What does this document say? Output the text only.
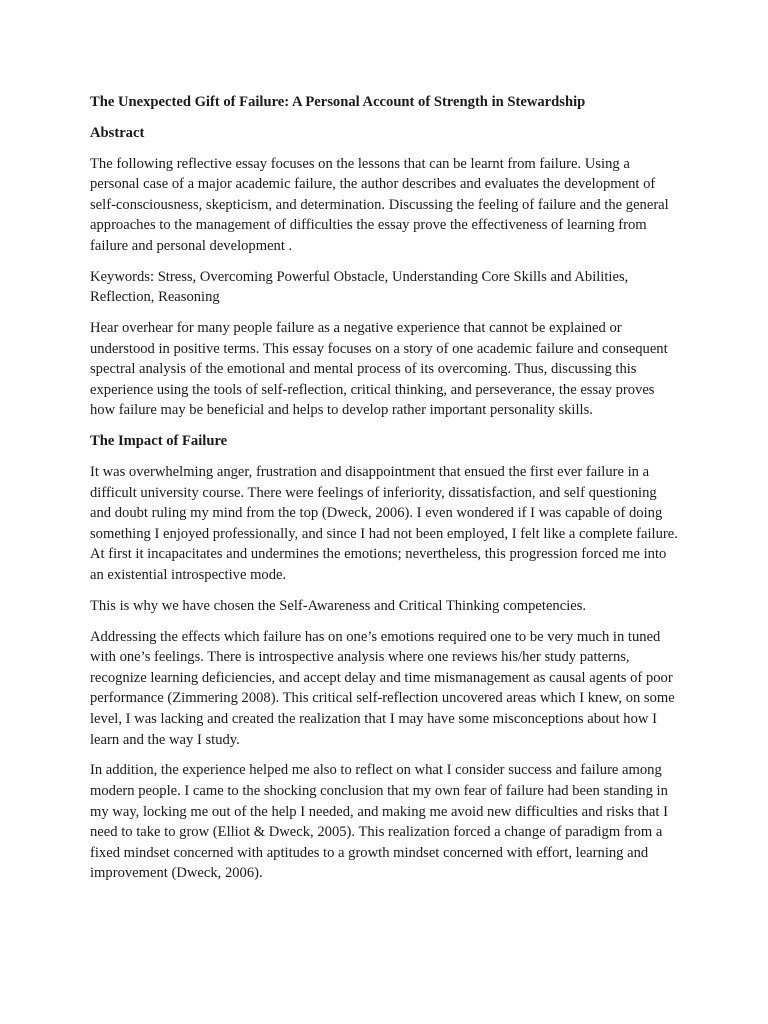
The Unexpected Gift of Failure: A Personal Account of Strength in Stewardship
Abstract
The following reflective essay focuses on the lessons that can be learnt from failure. Using a personal case of a major academic failure, the author describes and evaluates the development of self-consciousness, skepticism, and determination. Discussing the feeling of failure and the general approaches to the management of difficulties the essay prove the effectiveness of learning from failure and personal development .
Keywords: Stress, Overcoming Powerful Obstacle, Understanding Core Skills and Abilities, Reflection, Reasoning
Hear overhear for many people failure as a negative experience that cannot be explained or understood in positive terms. This essay focuses on a story of one academic failure and consequent spectral analysis of the emotional and mental process of its overcoming. Thus, discussing this experience using the tools of self-reflection, critical thinking, and perseverance, the essay proves how failure may be beneficial and helps to develop rather important personality skills.
The Impact of Failure
It was overwhelming anger, frustration and disappointment that ensued the first ever failure in a difficult university course. There were feelings of inferiority, dissatisfaction, and self questioning and doubt ruling my mind from the top (Dweck, 2006). I even wondered if I was capable of doing something I enjoyed professionally, and since I had not been employed, I felt like a complete failure. At first it incapacitates and undermines the emotions; nevertheless, this progression forced me into an existential introspective mode.
This is why we have chosen the Self-Awareness and Critical Thinking competencies.
Addressing the effects which failure has on one’s emotions required one to be very much in tuned with one’s feelings. There is introspective analysis where one reviews his/her study patterns, recognize learning deficiencies, and accept delay and time mismanagement as causal agents of poor performance (Zimmering 2008). This critical self-reflection uncovered areas which I knew, on some level, I was lacking and created the realization that I may have some misconceptions about how I learn and the way I study.
In addition, the experience helped me also to reflect on what I consider success and failure among modern people. I came to the shocking conclusion that my own fear of failure had been standing in my way, locking me out of the help I needed, and making me avoid new difficulties and risks that I need to take to grow (Elliot & Dweck, 2005). This realization forced a change of paradigm from a fixed mindset concerned with aptitudes to a growth mindset concerned with effort, learning and improvement (Dweck, 2006).
